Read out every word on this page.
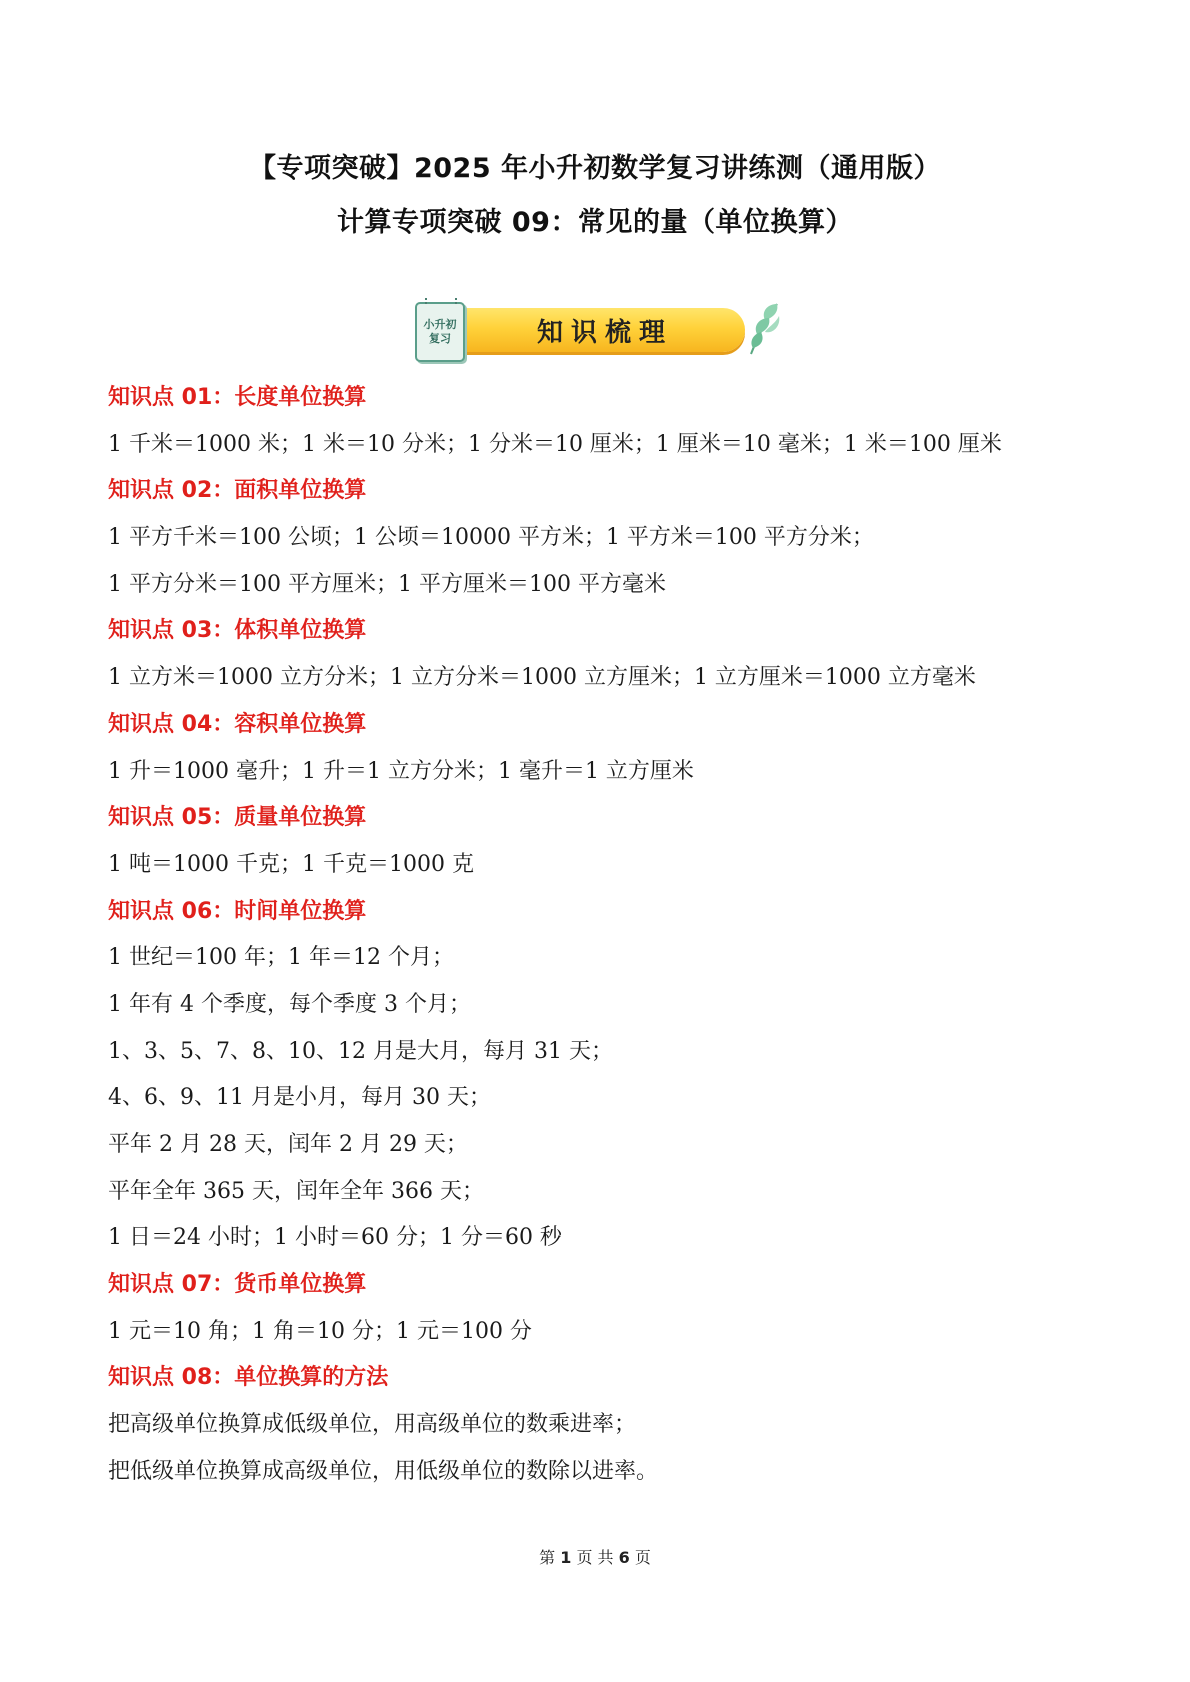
【专项突破】2025 年小升初数学复习讲练测（通用版）
计算专项突破 09：常见的量（单位换算）
小升初
复习	知识梳理
知识点 01：长度单位换算
1 千米＝1000 米；1 米＝10 分米；1 分米＝10 厘米；1 厘米＝10 毫米；1 米＝100 厘米
知识点 02：面积单位换算
1 平方千米＝100 公顷；1 公顷＝10000 平方米；1 平方米＝100 平方分米；
1 平方分米＝100 平方厘米；1 平方厘米＝100 平方毫米
知识点 03：体积单位换算
1 立方米＝1000 立方分米；1 立方分米＝1000 立方厘米；1 立方厘米＝1000 立方毫米
知识点 04：容积单位换算
1 升＝1000 毫升；1 升＝1 立方分米；1 毫升＝1 立方厘米
知识点 05：质量单位换算
1 吨＝1000 千克；1 千克＝1000 克
知识点 06：时间单位换算
1 世纪＝100 年；1 年＝12 个月；
1 年有 4 个季度，每个季度 3 个月；
1、3、5、7、8、10、12 月是大月，每月 31 天；
4、6、9、11 月是小月，每月 30 天；
平年 2 月 28 天，闰年 2 月 29 天；
平年全年 365 天，闰年全年 366 天；
1 日＝24 小时；1 小时＝60 分；1 分＝60 秒
知识点 07：货币单位换算
1 元＝10 角；1 角＝10 分；1 元＝100 分
知识点 08：单位换算的方法
把高级单位换算成低级单位，用高级单位的数乘进率；
把低级单位换算成高级单位，用低级单位的数除以进率。
第 1 页 共 6 页
